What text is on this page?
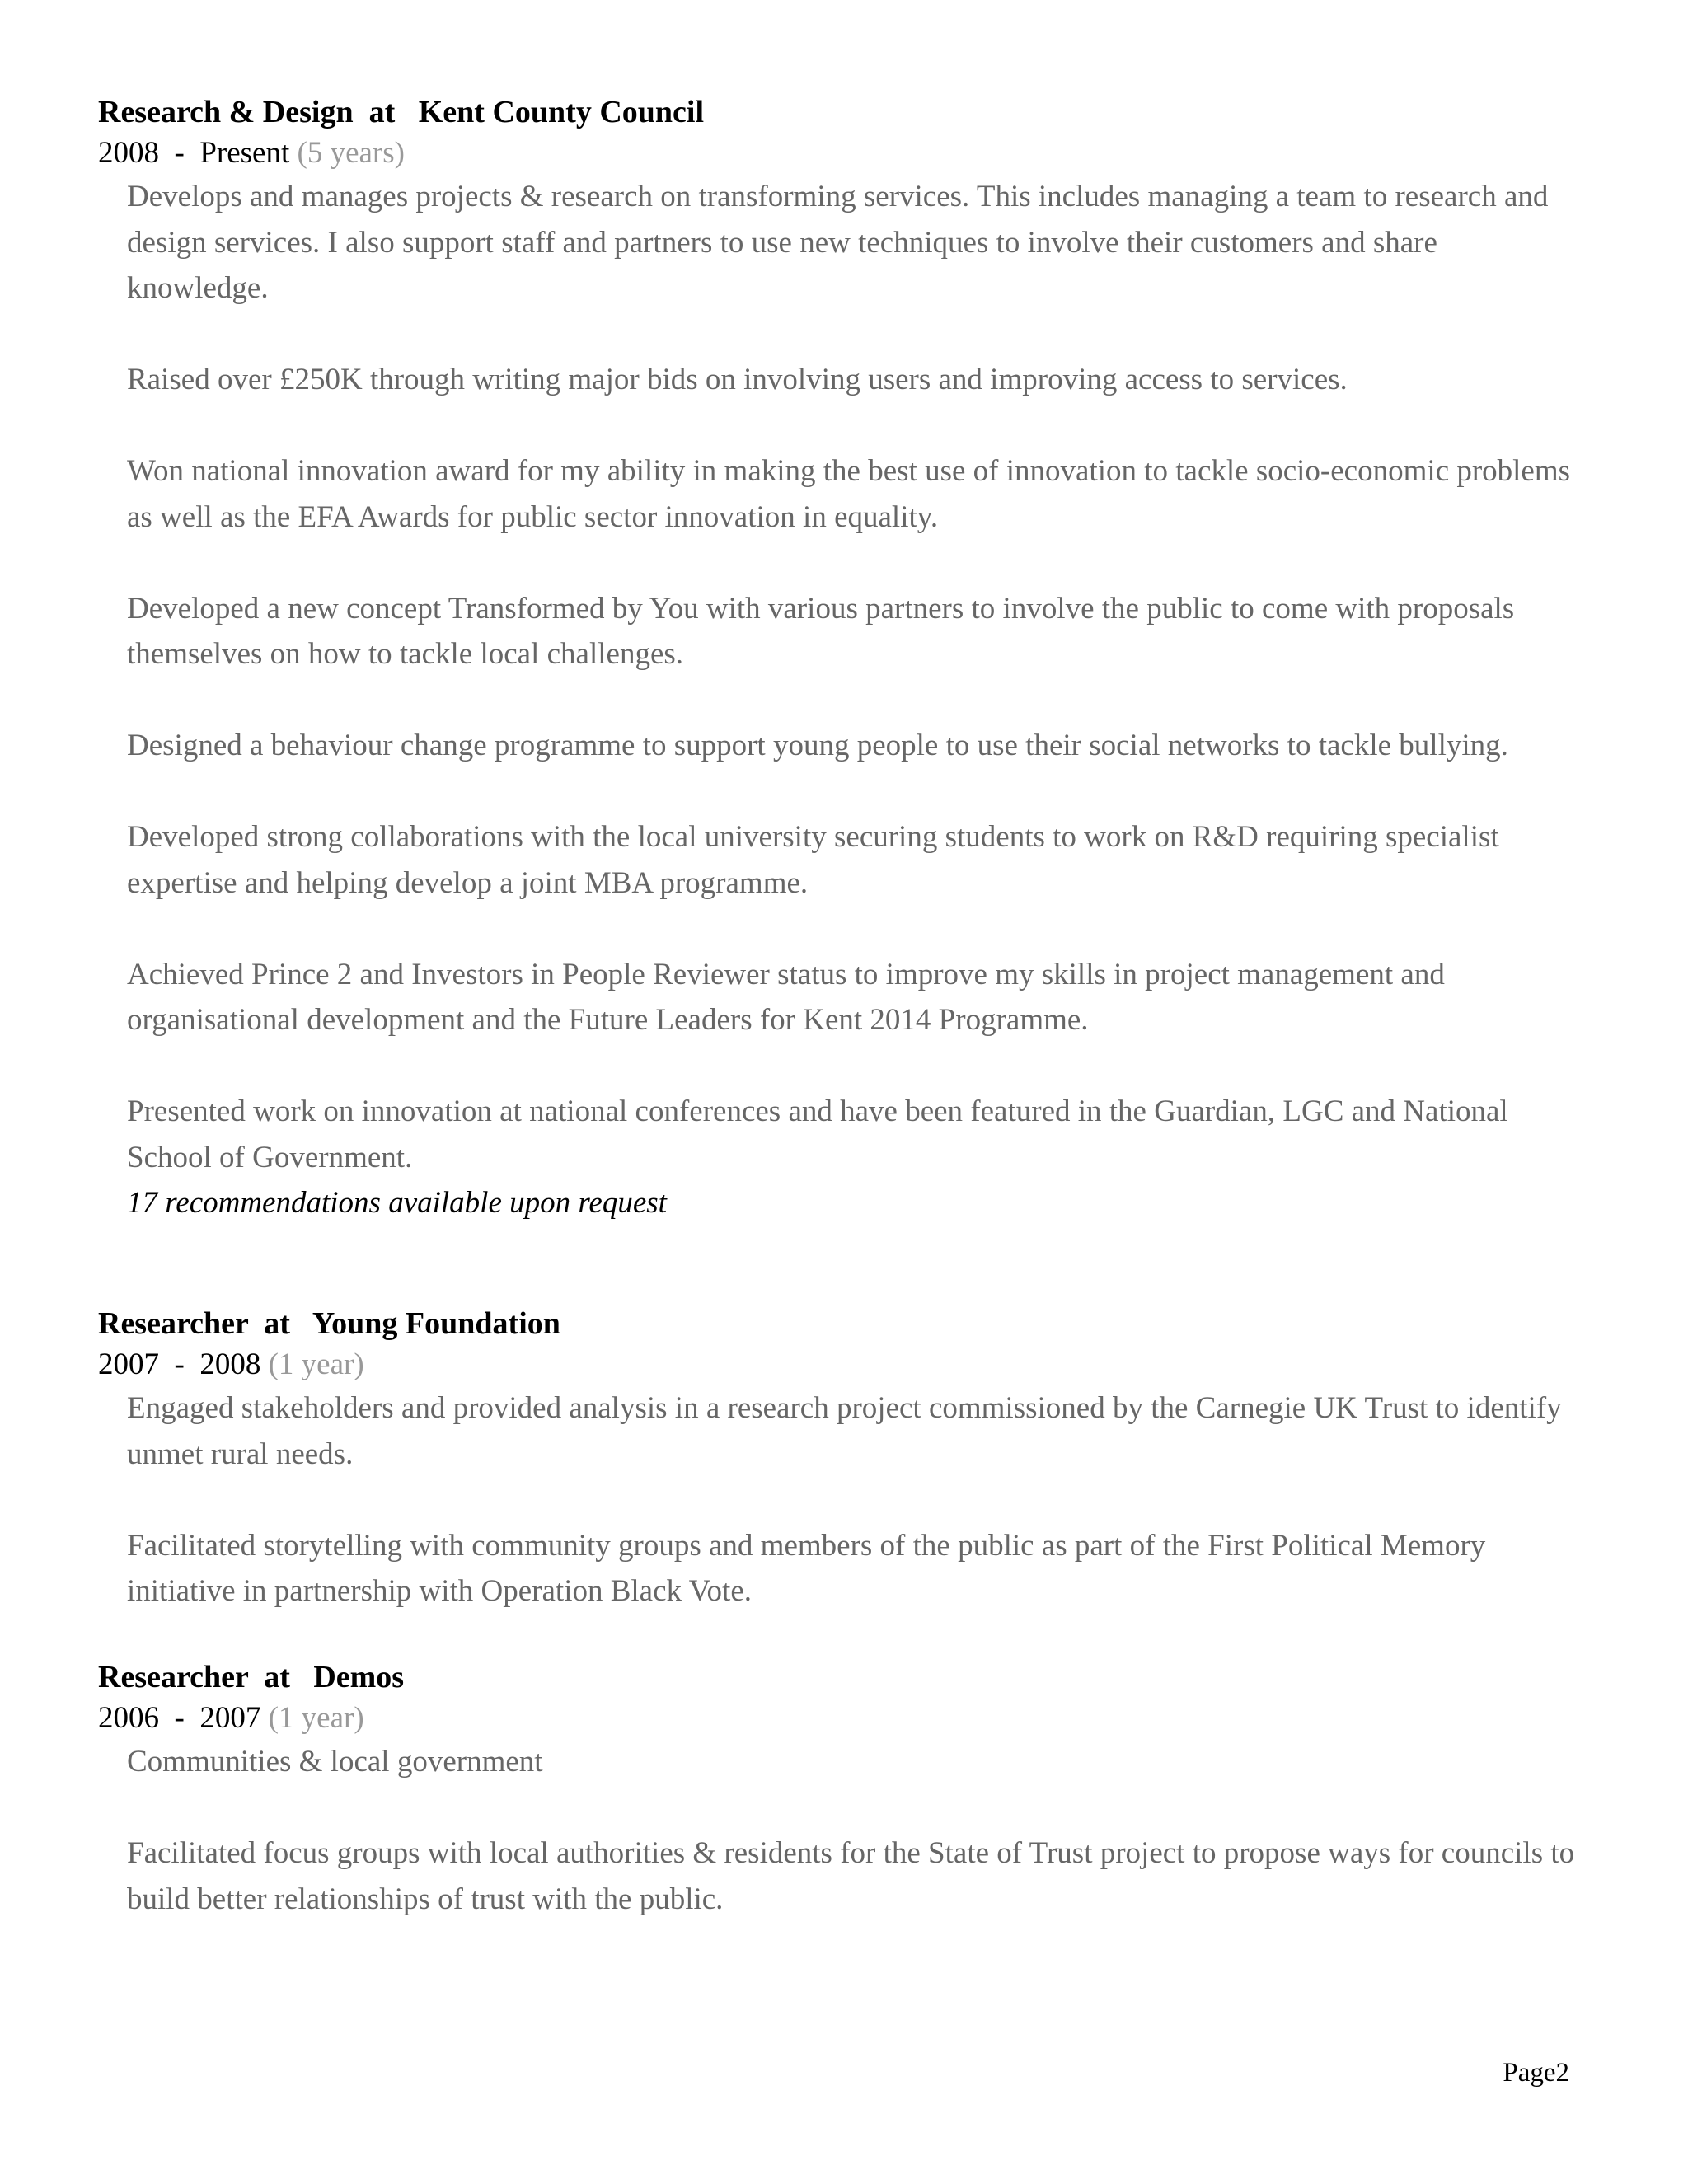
Research & Design  at   Kent County Council
2008  -  Present (5 years)

Develops and manages projects & research on transforming services. This includes managing a team to research and design services. I also support staff and partners to use new techniques to involve their customers and share knowledge.

Raised over £250K through writing major bids on involving users and improving access to services.

Won national innovation award for my ability in making the best use of innovation to tackle socio-economic problems as well as the EFA Awards for public sector innovation in equality.

Developed a new concept Transformed by You with various partners to involve the public to come with proposals themselves on how to tackle local challenges.

Designed a behaviour change programme to support young people to use their social networks to tackle bullying.

Developed strong collaborations with the local university securing students to work on R&D requiring specialist expertise and helping develop a joint MBA programme.

Achieved Prince 2 and Investors in People Reviewer status to improve my skills in project management and organisational development and the Future Leaders for Kent 2014 Programme.

Presented work on innovation at national conferences and have been featured in the Guardian, LGC and National School of Government.

17 recommendations available upon request
Researcher  at   Young Foundation
2007  -  2008 (1 year)

Engaged stakeholders and provided analysis in a research project commissioned by the Carnegie UK Trust to identify unmet rural needs.

Facilitated storytelling with community groups and members of the public as part of the First Political Memory initiative in partnership with Operation Black Vote.

Researcher  at   Demos
2006  -  2007 (1 year)

Communities & local government

Facilitated focus groups with local authorities & residents for the State of Trust project to propose ways for councils to build better relationships of trust with the public.

Page2
